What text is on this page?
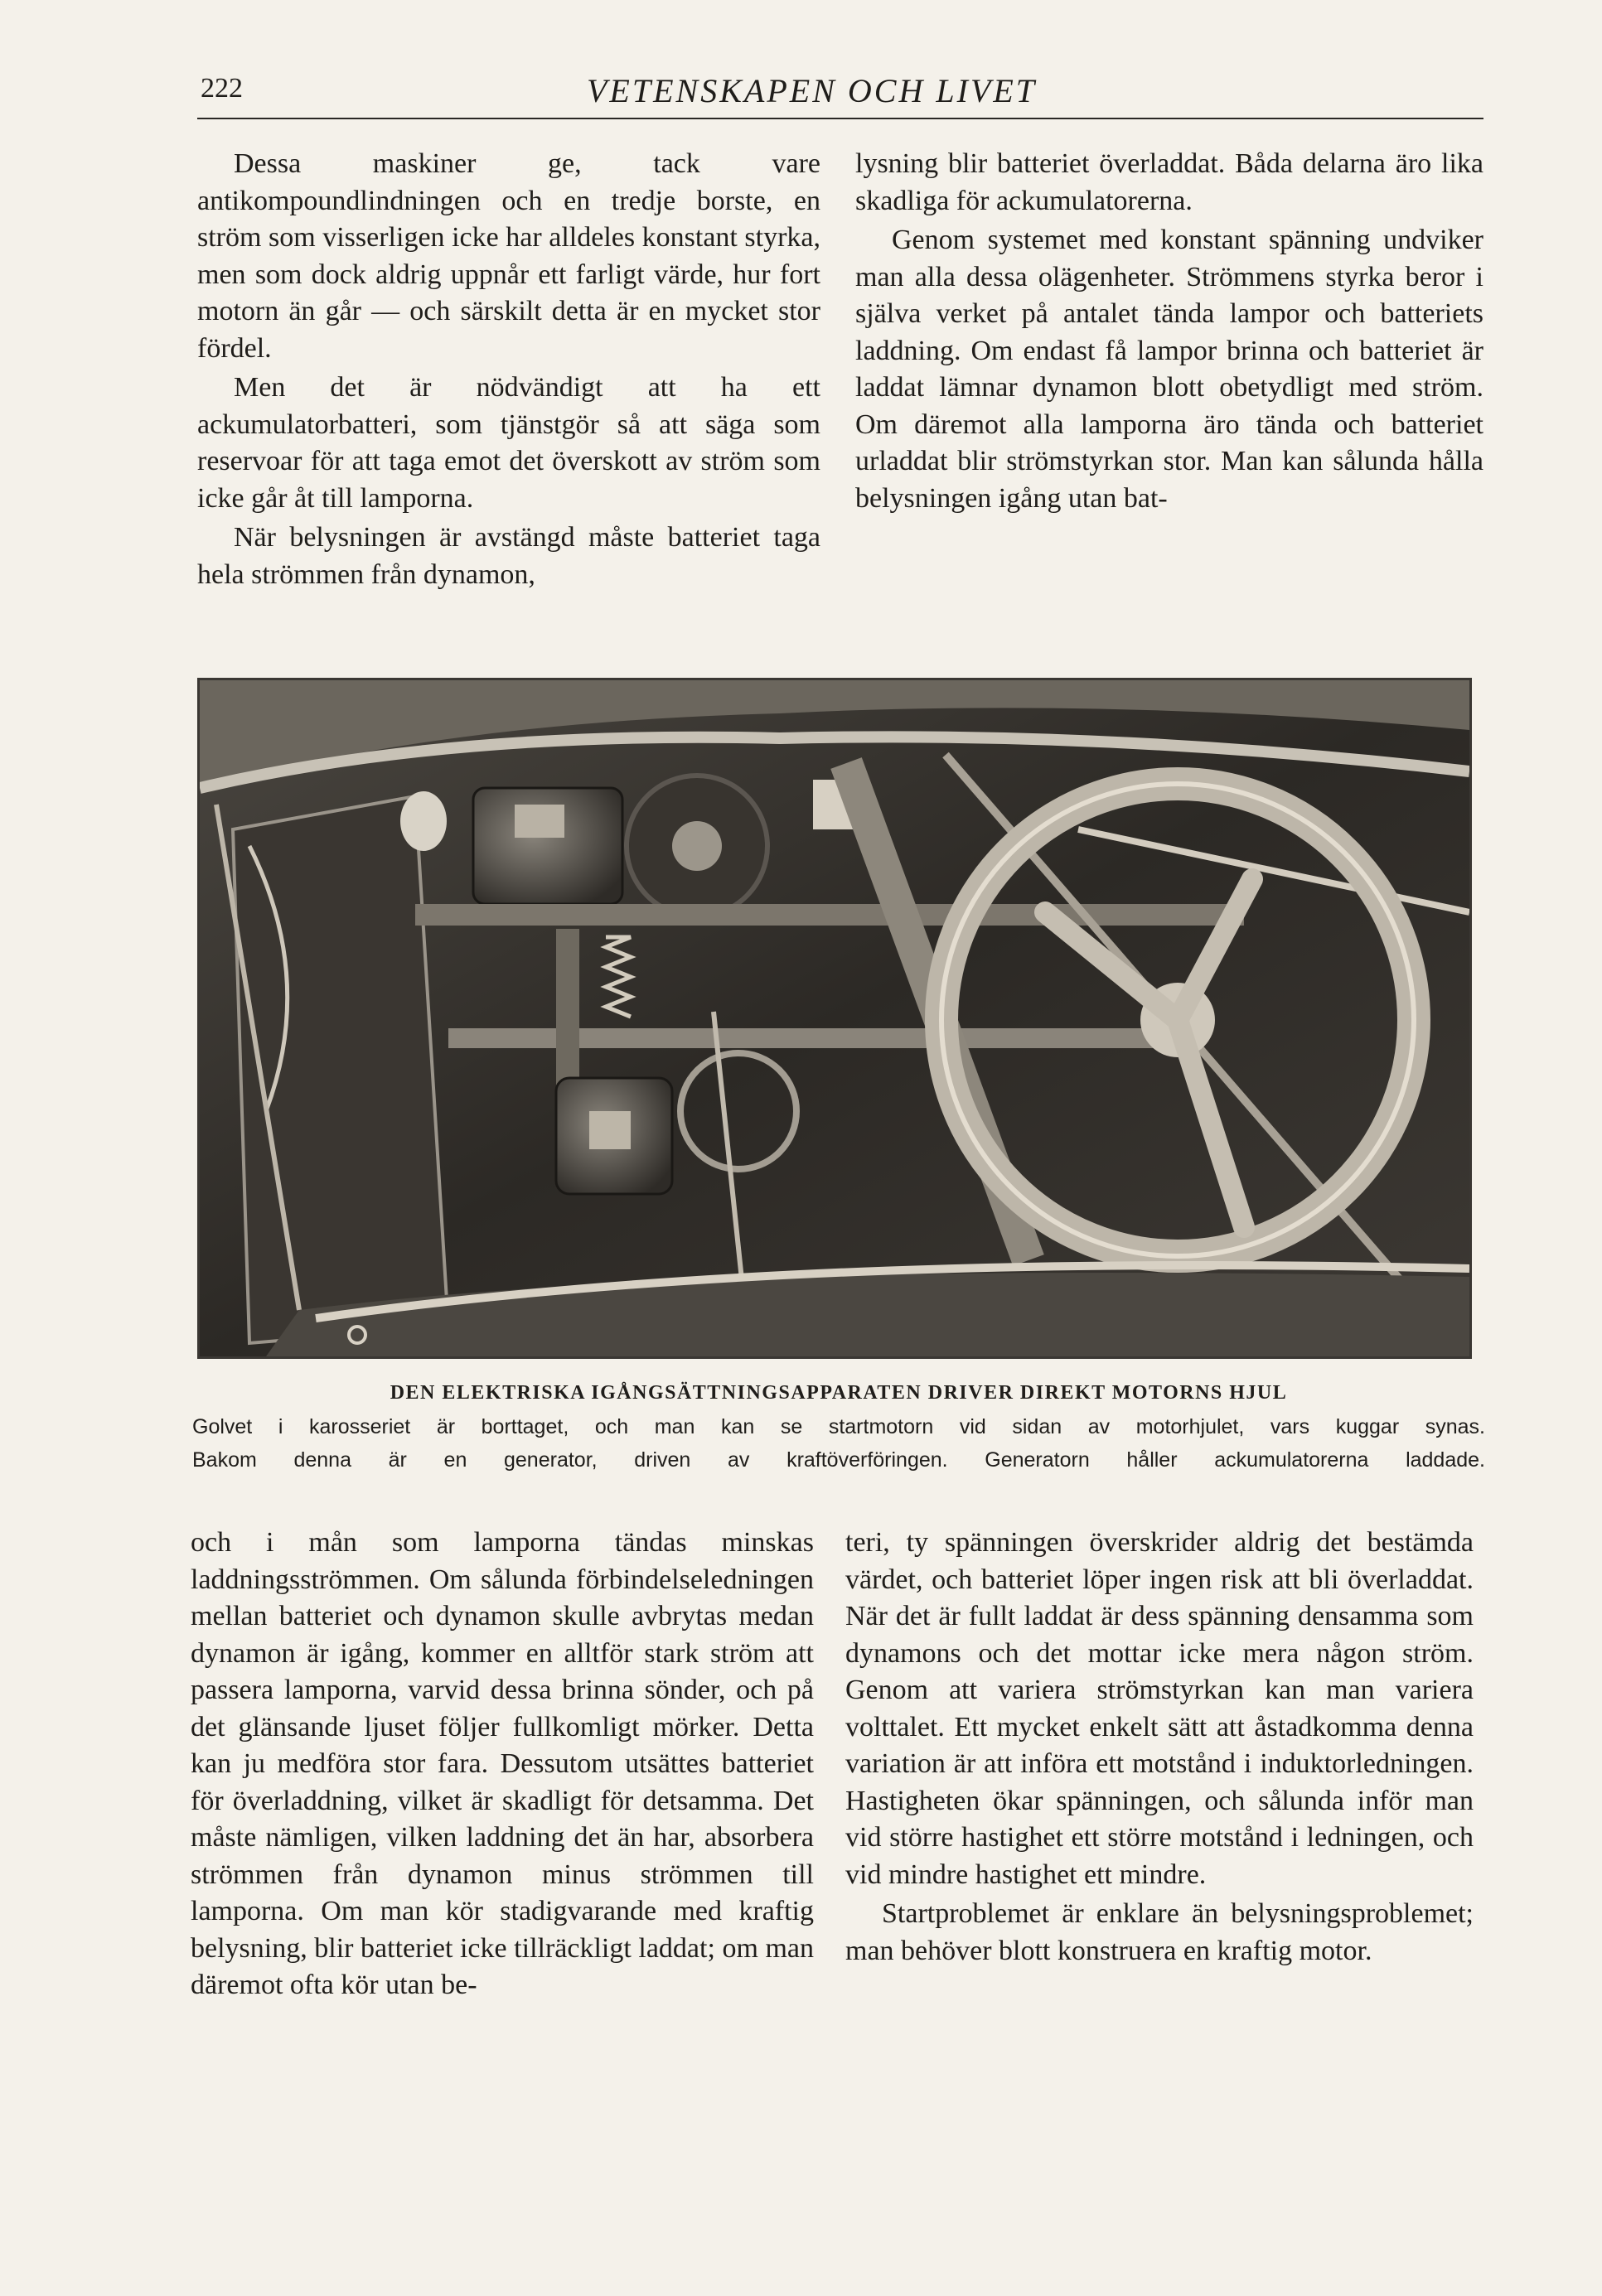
222	VETENSKAPEN OCH LIVET

Dessa maskiner ge, tack vare antikompoundlindningen och en tredje borste, en ström som visserligen icke har alldeles konstant styrka, men som dock aldrig uppnår ett farligt värde, hur fort motorn än går — och särskilt detta är en mycket stor fördel.

Men det är nödvändigt att ha ett ackumulatorbatteri, som tjänstgör så att säga som reservoar för att taga emot det överskott av ström som icke går åt till lamporna.

När belysningen är avstängd måste batteriet taga hela strömmen från dynamon,

lysning blir batteriet överladdat. Båda delarna äro lika skadliga för ackumulatorerna.

Genom systemet med konstant spänning undviker man alla dessa olägenheter. Strömmens styrka beror i själva verket på antalet tända lampor och batteriets laddning. Om endast få lampor brinna och batteriet är laddat lämnar dynamon blott obetydligt med ström. Om däremot alla lamporna äro tända och batteriet urladdat blir strömstyrkan stor. Man kan sålunda hålla belysningen igång utan bat-

DEN ELEKTRISKA IGÅNGSÄTTNINGSAPPARATEN DRIVER DIREKT MOTORNS HJUL
Golvet i karosseriet är borttaget, och man kan se startmotorn vid sidan av motorhjulet, vars kuggar synas.
Bakom denna är en generator, driven av kraftöverföringen. Generatorn håller ackumulatorerna laddade.

och i mån som lamporna tändas minskas laddningsströmmen. Om sålunda förbindelseledningen mellan batteriet och dynamon skulle avbrytas medan dynamon är igång, kommer en alltför stark ström att passera lamporna, varvid dessa brinna sönder, och på det glänsande ljuset följer fullkomligt mörker. Detta kan ju medföra stor fara. Dessutom utsättes batteriet för överladdning, vilket är skadligt för detsamma. Det måste nämligen, vilken laddning det än har, absorbera strömmen från dynamon minus strömmen till lamporna. Om man kör stadigvarande med kraftig belysning, blir batteriet icke tillräckligt laddat; om man däremot ofta kör utan be-

teri, ty spänningen överskrider aldrig det bestämda värdet, och batteriet löper ingen risk att bli överladdat. När det är fullt laddat är dess spänning densamma som dynamons och det mottar icke mera någon ström. Genom att variera strömstyrkan kan man variera volttalet. Ett mycket enkelt sätt att åstadkomma denna variation är att införa ett motstånd i induktorledningen. Hastigheten ökar spänningen, och sålunda inför man vid större hastighet ett större motstånd i ledningen, och vid mindre hastighet ett mindre.

Startproblemet är enklare än belysningsproblemet; man behöver blott konstruera en kraftig motor.
